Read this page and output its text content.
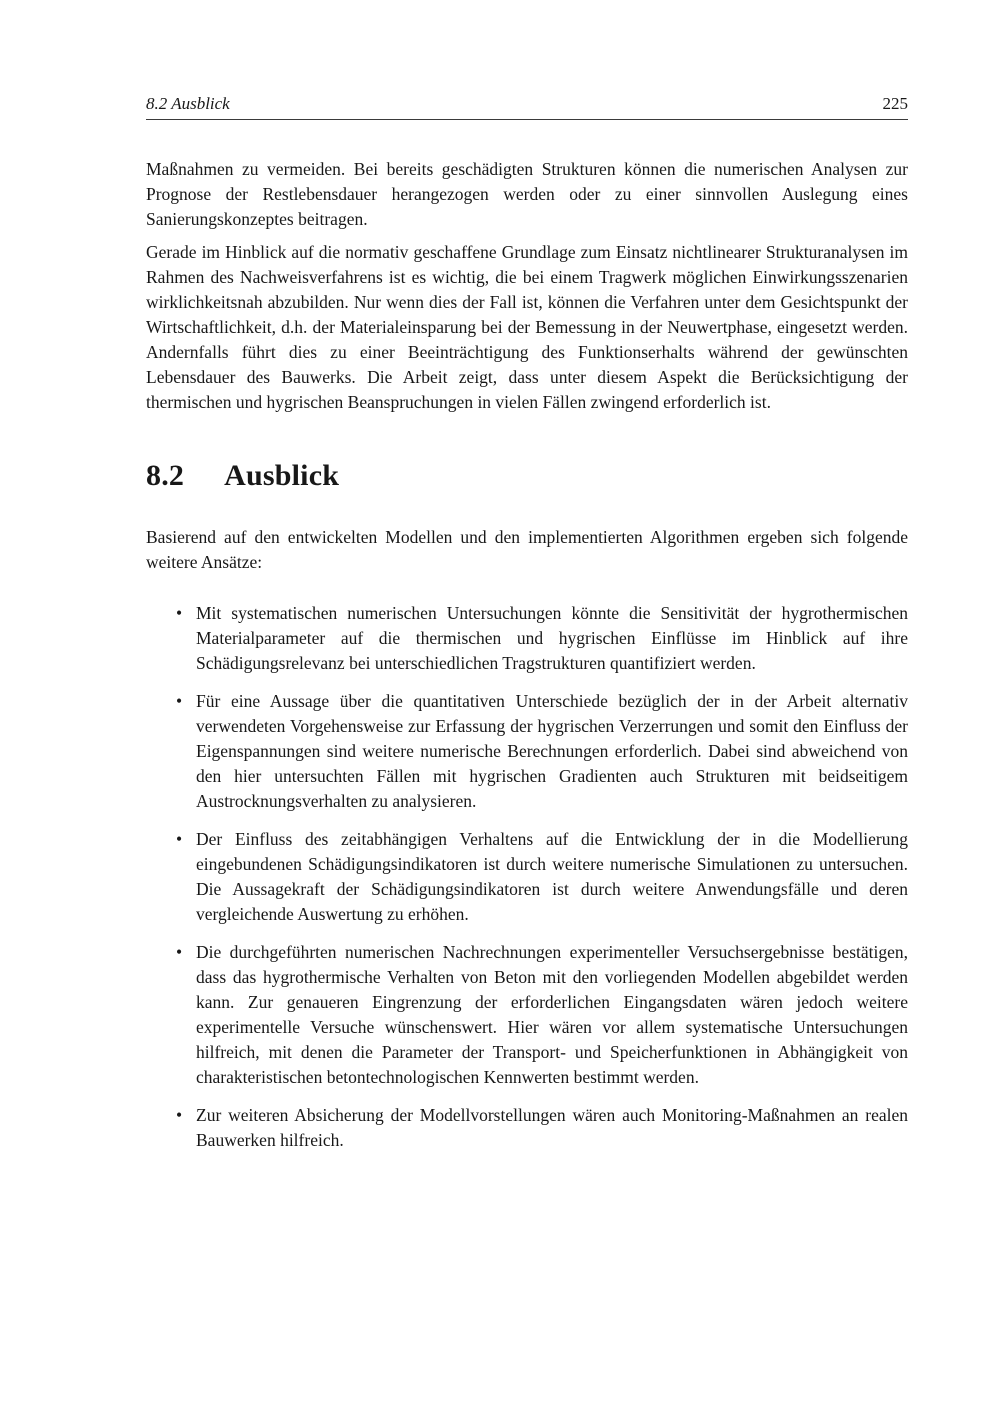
8.2 Ausblick	225

Maßnahmen zu vermeiden. Bei bereits geschädigten Strukturen können die numerischen Analysen zur Prognose der Restlebensdauer herangezogen werden oder zu einer sinnvollen Auslegung eines Sanierungskonzeptes beitragen.

Gerade im Hinblick auf die normativ geschaffene Grundlage zum Einsatz nichtlinearer Strukturanalysen im Rahmen des Nachweisverfahrens ist es wichtig, die bei einem Tragwerk möglichen Einwirkungsszenarien wirklichkeitsnah abzubilden. Nur wenn dies der Fall ist, können die Verfahren unter dem Gesichtspunkt der Wirtschaftlichkeit, d.h. der Materialeinsparung bei der Bemessung in der Neuwertphase, eingesetzt werden. Andernfalls führt dies zu einer Beeinträchtigung des Funktionserhalts während der gewünschten Lebensdauer des Bauwerks. Die Arbeit zeigt, dass unter diesem Aspekt die Berücksichtigung der thermischen und hygrischen Beanspruchungen in vielen Fällen zwingend erforderlich ist.

8.2 Ausblick

Basierend auf den entwickelten Modellen und den implementierten Algorithmen ergeben sich folgende weitere Ansätze:

• Mit systematischen numerischen Untersuchungen könnte die Sensitivität der hygrothermischen Materialparameter auf die thermischen und hygrischen Einflüsse im Hinblick auf ihre Schädigungsrelevanz bei unterschiedlichen Tragstrukturen quantifiziert werden.
• Für eine Aussage über die quantitativen Unterschiede bezüglich der in der Arbeit alternativ verwendeten Vorgehensweise zur Erfassung der hygrischen Verzerrungen und somit den Einfluss der Eigenspannungen sind weitere numerische Berechnungen erforderlich. Dabei sind abweichend von den hier untersuchten Fällen mit hygrischen Gradienten auch Strukturen mit beidseitigem Austrocknungsverhalten zu analysieren.
• Der Einfluss des zeitabhängigen Verhaltens auf die Entwicklung der in die Modellierung eingebundenen Schädigungsindikatoren ist durch weitere numerische Simulationen zu untersuchen. Die Aussagekraft der Schädigungsindikatoren ist durch weitere Anwendungsfälle und deren vergleichende Auswertung zu erhöhen.
• Die durchgeführten numerischen Nachrechnungen experimenteller Versuchsergebnisse bestätigen, dass das hygrothermische Verhalten von Beton mit den vorliegenden Modellen abgebildet werden kann. Zur genaueren Eingrenzung der erforderlichen Eingangsdaten wären jedoch weitere experimentelle Versuche wünschenswert. Hier wären vor allem systematische Untersuchungen hilfreich, mit denen die Parameter der Transport- und Speicherfunktionen in Abhängigkeit von charakteristischen betontechnologischen Kennwerten bestimmt werden.
• Zur weiteren Absicherung der Modellvorstellungen wären auch Monitoring-Maßnahmen an realen Bauwerken hilfreich.
